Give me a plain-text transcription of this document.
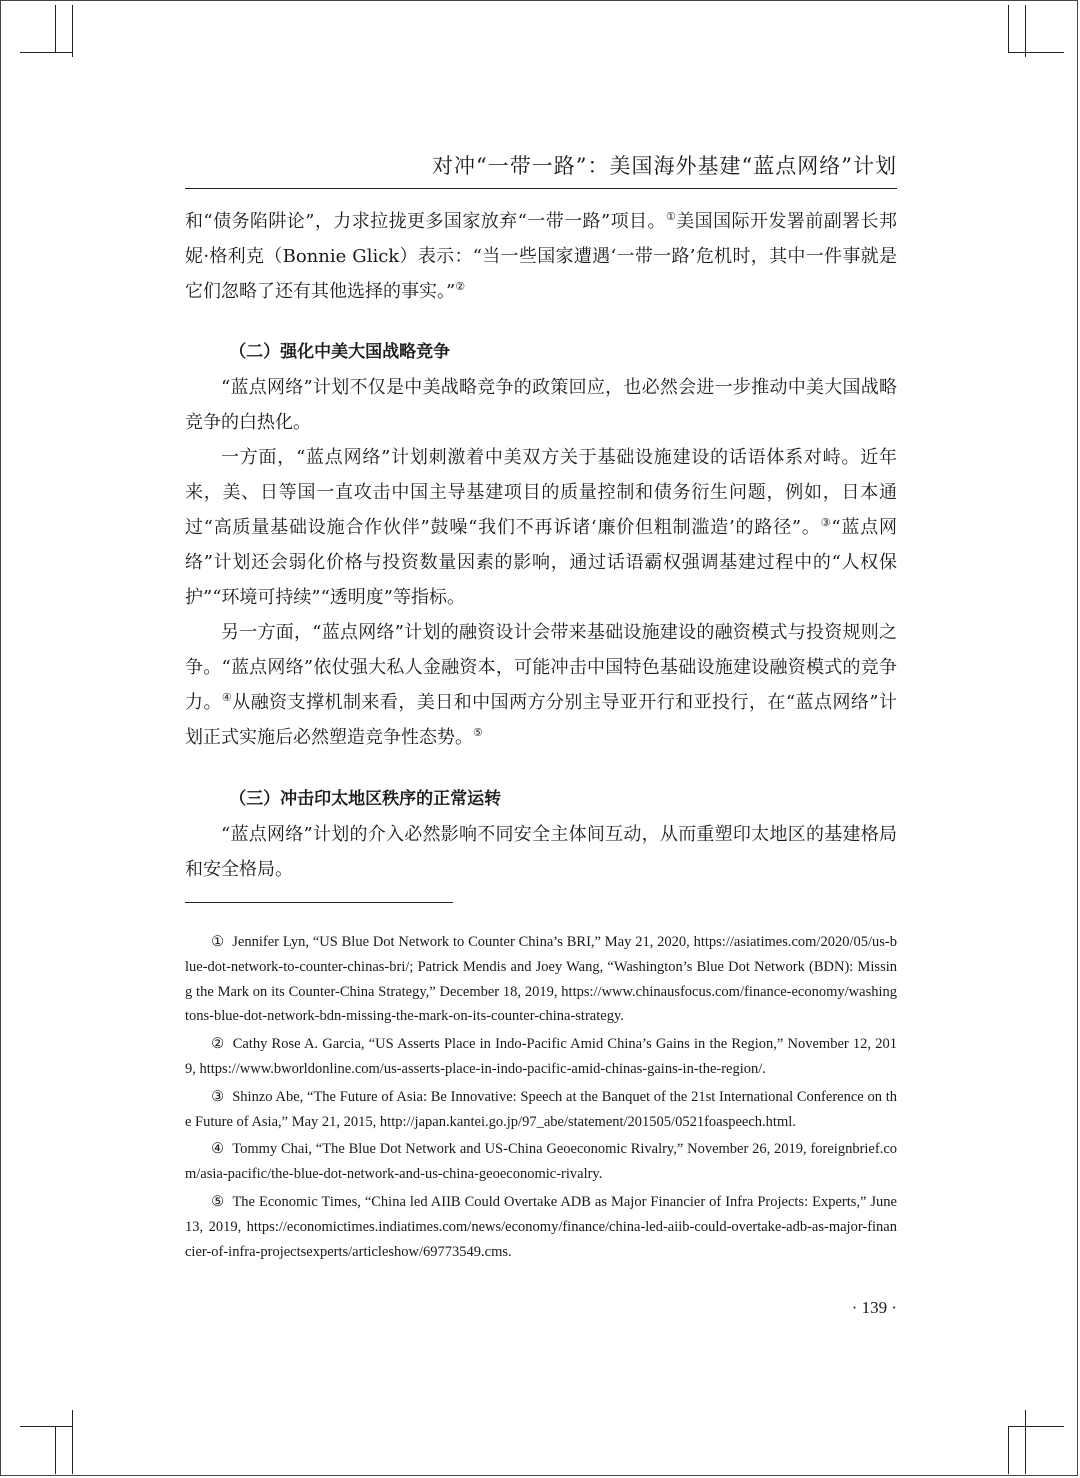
对冲“一带一路”：美国海外基建“蓝点网络”计划

和“债务陷阱论”，力求拉拢更多国家放弃“一带一路”项目。①美国国际开发署前副署长邦妮·格利克（Bonnie Glick）表示：“当一些国家遭遇‘一带一路’危机时，其中一件事就是它们忽略了还有其他选择的事实。”②

（二）强化中美大国战略竞争

“蓝点网络”计划不仅是中美战略竞争的政策回应，也必然会进一步推动中美大国战略竞争的白热化。

一方面，“蓝点网络”计划刺激着中美双方关于基础设施建设的话语体系对峙。近年来，美、日等国一直攻击中国主导基建项目的质量控制和债务衍生问题，例如，日本通过“高质量基础设施合作伙伴”鼓噪“我们不再诉诸‘廉价但粗制滥造’的路径”。③“蓝点网络”计划还会弱化价格与投资数量因素的影响，通过话语霸权强调基建过程中的“人权保护”“环境可持续”“透明度”等指标。

另一方面，“蓝点网络”计划的融资设计会带来基础设施建设的融资模式与投资规则之争。“蓝点网络”依仗强大私人金融资本，可能冲击中国特色基础设施建设融资模式的竞争力。④从融资支撑机制来看，美日和中国两方分别主导亚开行和亚投行，在“蓝点网络”计划正式实施后必然塑造竞争性态势。⑤

（三）冲击印太地区秩序的正常运转

“蓝点网络”计划的介入必然影响不同安全主体间互动，从而重塑印太地区的基建格局和安全格局。

① Jennifer Lyn, “US Blue Dot Network to Counter China’s BRI,” May 21, 2020, https://asiatimes.com/2020/05/us-blue-dot-network-to-counter-chinas-bri/; Patrick Mendis and Joey Wang, “Washington’s Blue Dot Network (BDN): Missing the Mark on its Counter-China Strategy,” December 18, 2019, https://www.chinausfocus.com/finance-economy/washingtons-blue-dot-network-bdn-missing-the-mark-on-its-counter-china-strategy.

② Cathy Rose A. Garcia, “US Asserts Place in Indo-Pacific Amid China’s Gains in the Region,” November 12, 2019, https://www.bworldonline.com/us-asserts-place-in-indo-pacific-amid-chinas-gains-in-the-region/.

③ Shinzo Abe, “The Future of Asia: Be Innovative: Speech at the Banquet of the 21st International Conference on the Future of Asia,” May 21, 2015, http://japan.kantei.go.jp/97_abe/statement/201505/0521foaspeech.html.

④ Tommy Chai, “The Blue Dot Network and US-China Geoeconomic Rivalry,” November 26, 2019, foreignbrief.com/asia-pacific/the-blue-dot-network-and-us-china-geoeconomic-rivalry.

⑤ The Economic Times, “China led AIIB Could Overtake ADB as Major Financier of Infra Projects: Experts,” June 13, 2019, https://economictimes.indiatimes.com/news/economy/finance/china-led-aiib-could-overtake-adb-as-major-financier-of-infra-projectsexperts/articleshow/69773549.cms.

· 139 ·
